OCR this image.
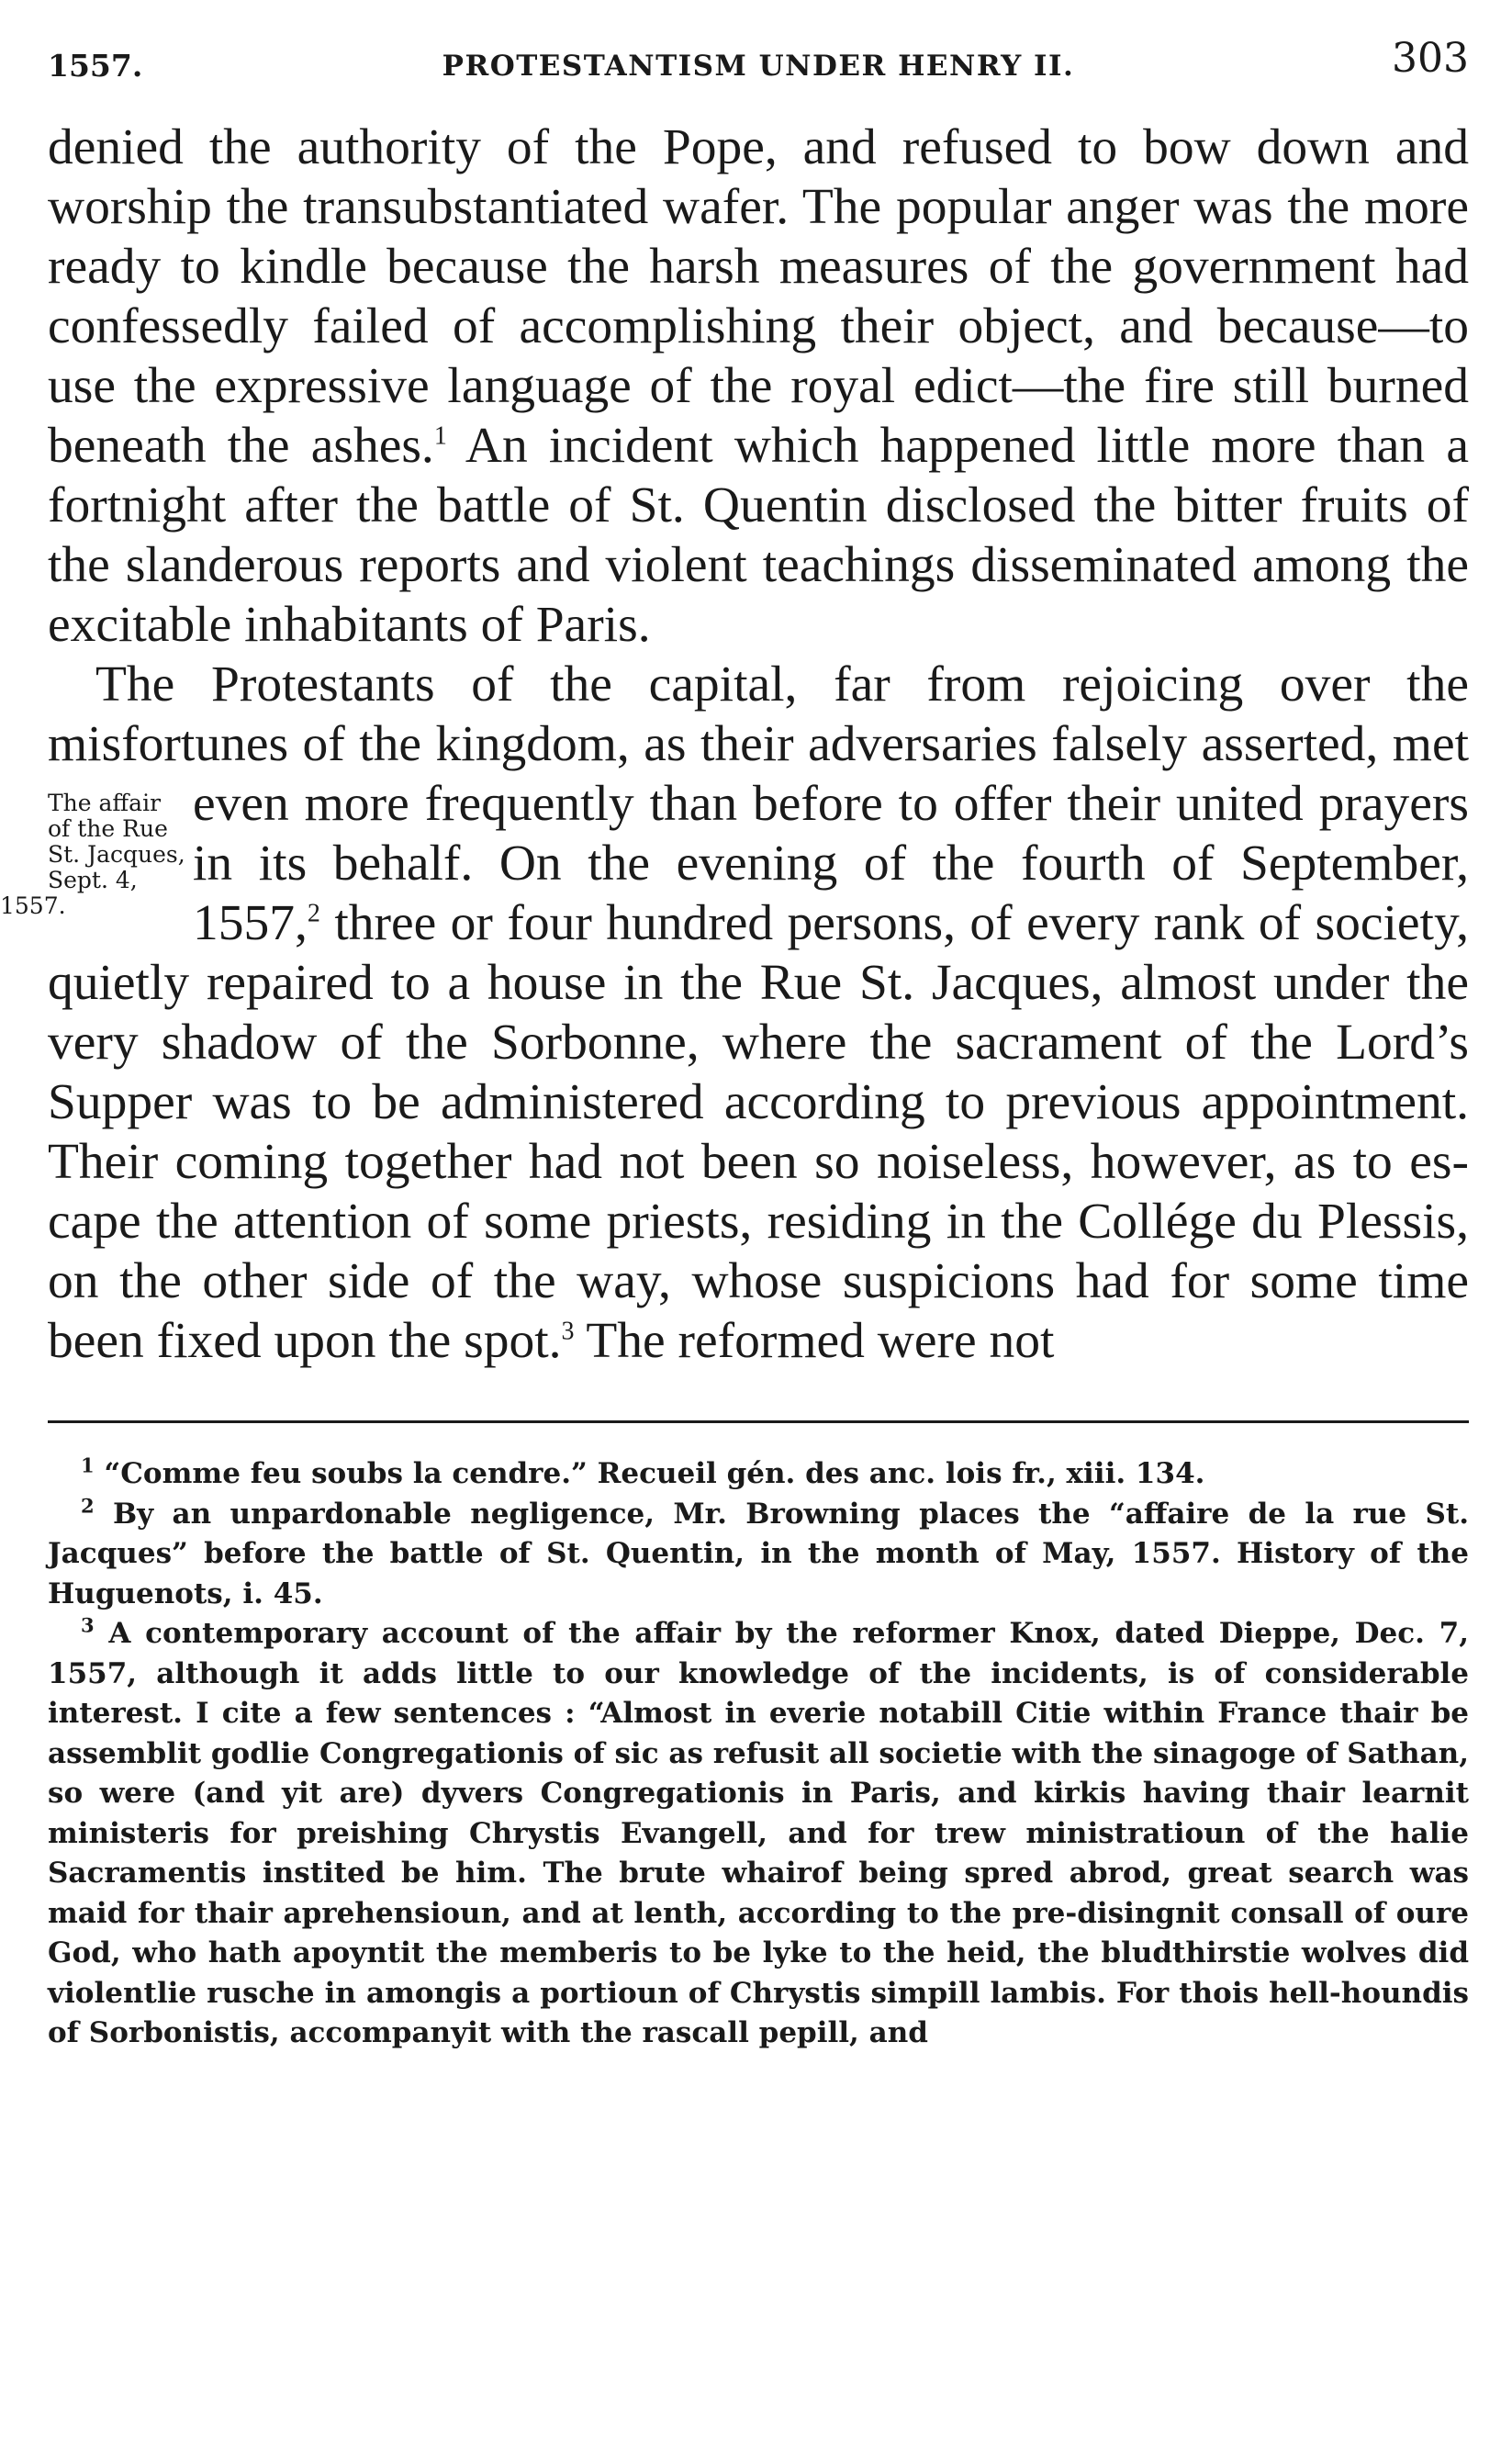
1557.	PROTESTANTISM UNDER HENRY II.	303

denied the authority of the Pope, and refused to bow down and worship the transubstantiated wafer. The popular anger was the more ready to kindle because the harsh measures of the government had confessedly failed of accomplishing their object, and because—to use the expressive language of the royal edict—the fire still burned beneath the ashes.$^1$ An incident which happened little more than a fortnight after the battle of St. Quentin disclosed the bitter fruits of the slanderous reports and violent teachings disseminated among the excitable inhabitants of Paris.

The affair
of the Rue
St. Jacques,
Sept. 4, 1557.
The Protestants of the capital, far from rejoicing over the misfortunes of the kingdom, as their adversaries falsely asserted, met even more frequently than before to offer their united prayers in its behalf. On the evening of the fourth of September, 1557,$^2$ three or four hundred persons, of every rank of society, quietly repaired to a house in the Rue St. Jacques, almost under the very shadow of the Sorbonne, where the sacrament of the Lord’s Supper was to be administered according to previous appointment. Their coming together had not been so noiseless, however, as to escape the attention of some priests, residing in the Collége du Plessis, on the other side of the way, whose suspicions had for some time been fixed upon the spot.$^3$ The reformed were not

$^1$ “Comme feu soubs la cendre.” Recueil gén. des anc. lois fr., xiii. 134.

$^2$ By an unpardonable negligence, Mr. Browning places the “affaire de la rue St. Jacques” before the battle of St. Quentin, in the month of May, 1557. History of the Huguenots, i. 45.

$^3$ A contemporary account of the affair by the reformer Knox, dated Dieppe, Dec. 7, 1557, although it adds little to our knowledge of the incidents, is of considerable interest. I cite a few sentences : “Almost in everie notabill Citie within France thair be assemblit godlie Congregationis of sic as refusit all societie with the sinagoge of Sathan, so were (and yit are) dyvers Congregationis in Paris, and kirkis having thair learnit ministeris for preishing Chrystis Evangell, and for trew ministratioun of the halie Sacramentis instited be him. The brute whairof being spred abrod, great search was maid for thair aprehensioun, and at lenth, according to the pre-disingnit consall of oure God, who hath apoyntit the memberis to be lyke to the heid, the bludthirstie wolves did violentlie rusche in amongis a portioun of Chrystis simpill lambis. For thois hell-houndis of Sorbonistis, accompanyit with the rascall pepill, and
